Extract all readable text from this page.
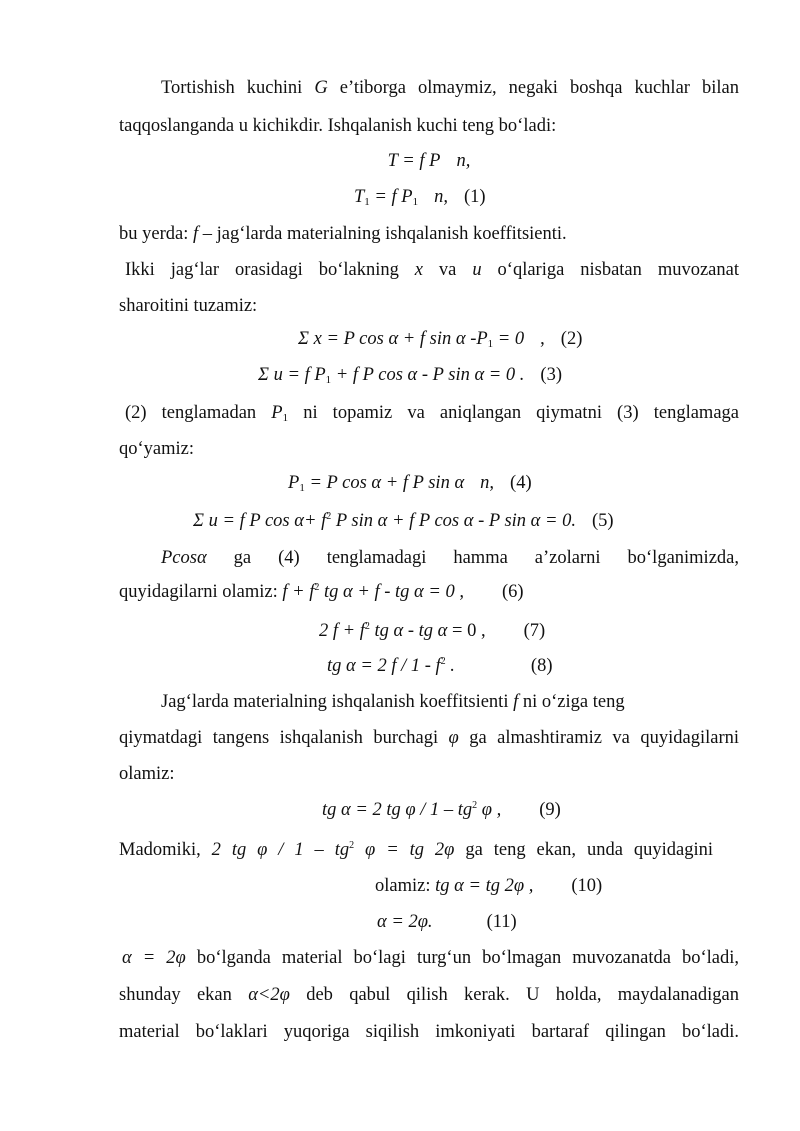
Tortishish kuchini G e’tiborga olmaymiz, negaki boshqa kuchlar bilan
taqqoslanganda u kichikdir. Ishqalanish kuchi teng bo‘ladi:
T = f P n,
$T_1 = f$ $P_1$ n, (1)
bu yerda: f – jag‘larda materialning ishqalanish koeffitsienti.
Ikki jag‘lar orasidagi bo‘lakning x va u o‘qlariga nisbatan muvozanat
sharoitini tuzamiz:
Σ x = P cos α + f sin α $-P_1 = 0$ , (2)
Σ u = f $P_1 + f$ P cos α - P sin α = 0 . (3)
(2) tenglamadan $P_1$ ni topamiz va aniqlangan qiymatni (3) tenglamaga
qo‘yamiz:
$P_1 = P$ cos α + f P sin α n, (4)
Σ u = f P $\cos \alpha+ f^2$ P sin α + f P cos α - P sin α = 0. (5)
Pcosα ga (4) tenglamadagi hamma a’zolarni bo‘lganimizda,
quyidagilarni olamiz: $f + f^2$ tg α + f - tg α = 0 , (6)
2 $f + f^2$ tg α - tg α = 0 , (7)
tg α = 2 f / $1 - f^2$ .	(8)
Jag‘larda materialning ishqalanish koeffitsienti f ni o‘ziga teng
qiymatdagi tangens ishqalanish burchagi φ ga almashtiramiz va quyidagilarni
olamiz:
tg α = 2 tg φ / $1 - tg^2$ φ , (9)
Madomiki, 2 tg φ / $1 - tg^2$ φ = tg 2φ ga teng ekan, unda quyidagini
olamiz: tg α = tg 2φ , (10)
α = 2φ.	(11)
α = 2φ bo‘lganda material bo‘lagi turg‘un bo‘lmagan muvozanatda bo‘ladi,
shunday ekan α<2φ deb qabul qilish kerak. U holda, maydalanadigan
material bo‘laklari yuqoriga siqilish imkoniyati bartaraf qilingan bo‘ladi.
